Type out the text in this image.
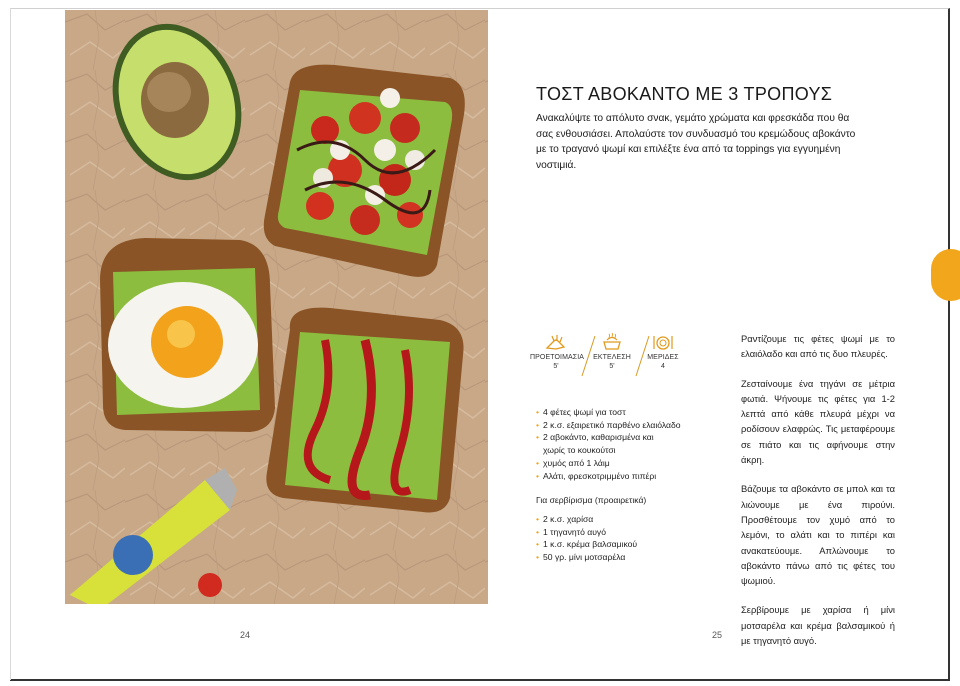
24	25
ΤΟΣΤ ΑΒΟΚΑΝΤΟ ΜΕ 3 ΤΡΟΠΟΥΣ
Ανακαλύψτε το απόλυτο σνακ, γεμάτο χρώματα και φρεσκάδα που θα σας ενθουσιάσει. Απολαύστε τον συνδυασμό του κρεμώδους αβοκάντο με το τραγανό ψωμί και επιλέξτε ένα από τα toppings για εγγυημένη νοστιμιά.
ΠΡΟΕΤΟΙΜΑΣΙΑ
5'
ΕΚΤΕΛΕΣΗ
5'
ΜΕΡΙΔΕΣ
4
• 4 φέτες ψωμί για τοστ
• 2 κ.σ. εξαιρετικό παρθένο ελαιόλαδο
• 2 αβοκάντο, καθαρισμένα και
χωρίς το κουκούτσι
• χυμός από 1 λάιμ
• Αλάτι, φρεσκοτριμμένο πιπέρι
Για σερβίρισμα (προαιρετικά)
• 2 κ.σ. χαρίσα
• 1 τηγανητό αυγό
• 1 κ.σ. κρέμα βαλσαμικού
• 50 γρ. μίνι μοτσαρέλα

Ραντίζουμε τις φέτες ψωμί με το ελαιόλαδο και από τις δυο πλευρές.

Ζεσταίνουμε ένα τηγάνι σε μέτρια φωτιά. Ψήνουμε τις φέτες για 1-2 λεπτά από κάθε πλευρά μέχρι να ροδίσουν ελαφρώς. Τις μεταφέρουμε σε πιάτο και τις αφήνουμε στην άκρη.

Βάζουμε τα αβοκάντο σε μπολ και τα λιώνουμε με ένα πιρούνι. Προσθέτουμε τον χυμό από το λεμόνι, το αλάτι και το πιπέρι και ανακατεύουμε. Απλώνουμε το αβοκάντο πάνω από τις φέτες του ψωμιού.

Σερβίρουμε με χαρίσα ή μίνι μοτσαρέλα και κρέμα βαλσαμικού ή με τηγανητό αυγό.
